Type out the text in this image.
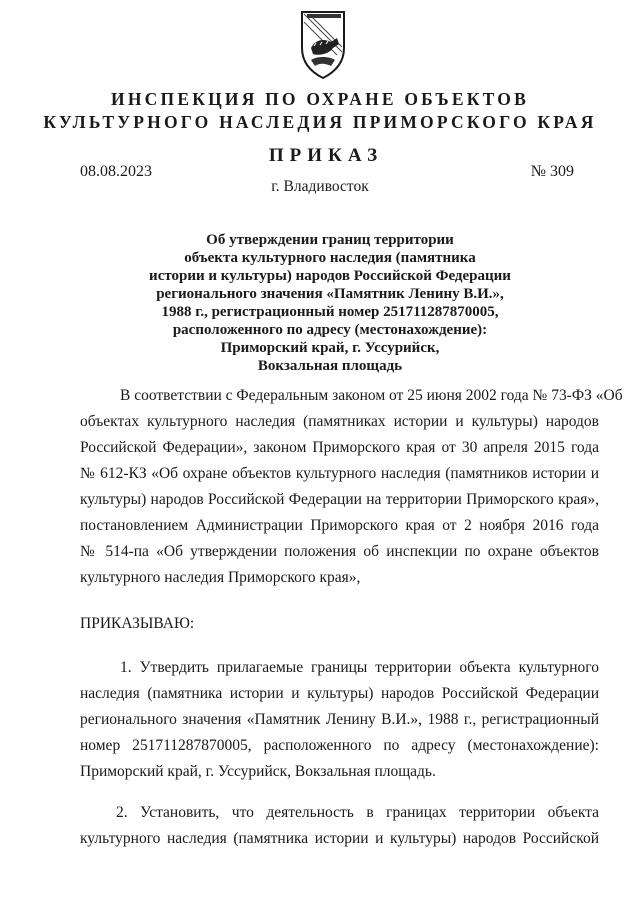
ИНСПЕКЦИЯ ПО ОХРАНЕ ОБЪЕКТОВ
КУЛЬТУРНОГО НАСЛЕДИЯ ПРИМОРСКОГО КРАЯ
ПРИКАЗ
08.08.2023	№ 309
г. Владивосток
Об утверждении границ территории
объекта культурного наследия (памятника
истории и культуры) народов Российской Федерации
регионального значения «Памятник Ленину В.И.»,
1988 г., регистрационный номер 251711287870005,
расположенного по адресу (местонахождение):
Приморский край, г. Уссурийск,
Вокзальная площадь
В соответствии с Федеральным законом от 25 июня 2002 года № 73-ФЗ «Об
объектах культурного наследия (памятниках истории и культуры) народов
Российской Федерации», законом Приморского края от 30 апреля 2015 года
№ 612-КЗ «Об охране объектов культурного наследия (памятников истории и
культуры) народов Российской Федерации на территории Приморского края»,
постановлением Администрации Приморского края от 2 ноября 2016 года
№ 514-па «Об утверждении положения об инспекции по охране объектов
культурного наследия Приморского края»,
ПРИКАЗЫВАЮ:
1. Утвердить прилагаемые границы территории объекта культурного
наследия (памятника истории и культуры) народов Российской Федерации
регионального значения «Памятник Ленину В.И.», 1988 г., регистрационный
номер 251711287870005, расположенного по адресу (местонахождение):
Приморский край, г. Уссурийск, Вокзальная площадь.
2. Установить, что деятельность в границах территории объекта
культурного наследия (памятника истории и культуры) народов Российской
